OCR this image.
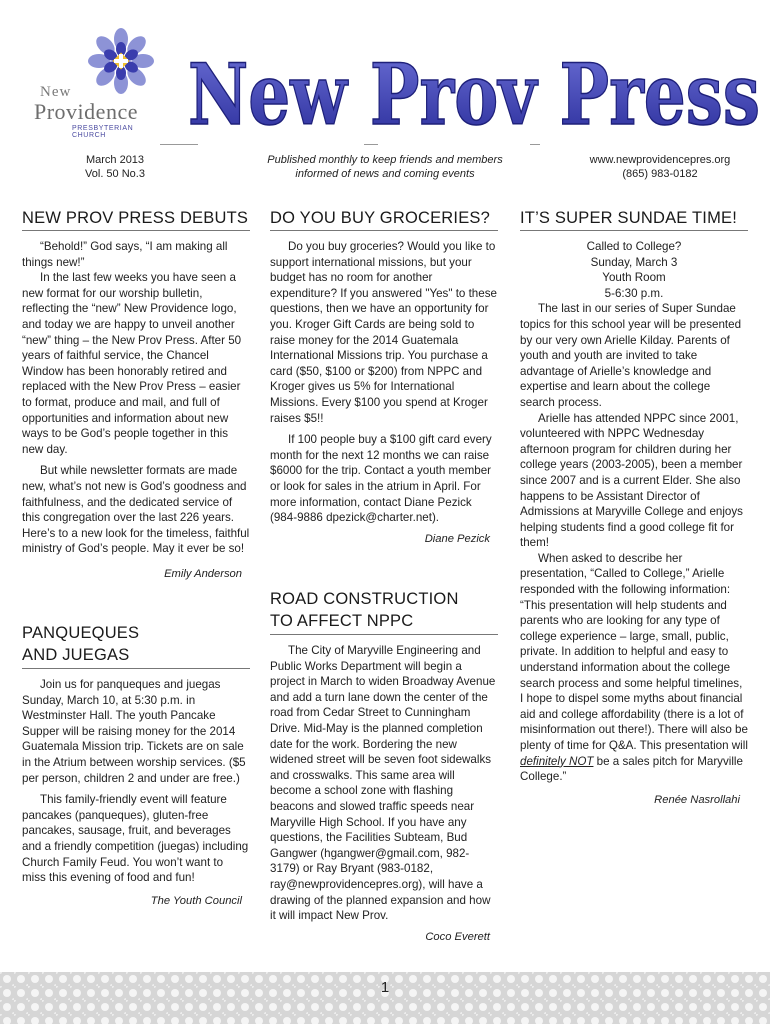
New
Providence
PRESBYTERIAN CHURCH New Prov Press
March 2013
Vol. 50 No.3
Published monthly to keep friends and members
informed of news and coming events
www.newprovidencepres.org
(865) 983-0182
NEW PROV PRESS DEBUTS

“Behold!” God says, “I am making all things new!”

In the last few weeks you have seen a new format for our worship bulletin, reflecting the “new” New Providence logo, and today we are happy to unveil another “new” thing – the New Prov Press. After 50 years of faithful service, the Chancel Window has been honorably retired and replaced with the New Prov Press – easier to format, produce and mail, and full of opportunities and information about new ways to be God’s people together in this new day.

But while newsletter formats are made new, what’s not new is God’s goodness and faithfulness, and the dedicated service of this congregation over the last 226 years. Here’s to a new look for the timeless, faithful ministry of God’s people. May it ever be so!

Emily Anderson
PANQUEQUES
AND JUEGAS

Join us for panqueques and juegas Sunday, March 10, at 5:30 p.m. in Westminster Hall. The youth Pancake Supper will be raising money for the 2014 Guatemala Mission trip. Tickets are on sale in the Atrium between worship services. ($5 per person, children 2 and under are free.)

This family-friendly event will feature pancakes (panqueques), gluten-free pancakes, sausage, fruit, and beverages and a friendly competition (juegas) including Church Family Feud. You won’t want to miss this evening of food and fun!

The Youth Council
DO YOU BUY GROCERIES?

Do you buy groceries? Would you like to support international missions, but your budget has no room for another expenditure? If you answered "Yes" to these questions, then we have an opportunity for you. Kroger Gift Cards are being sold to raise money for the 2014 Guatemala International Missions trip. You purchase a card ($50, $100 or $200) from NPPC and Kroger gives us 5% for International Missions. Every $100 you spend at Kroger raises $5!!

If 100 people buy a $100 gift card every month for the next 12 months we can raise $6000 for the trip. Contact a youth member or look for sales in the atrium in April. For more information, contact Diane Pezick (984-9886 dpezick@charter.net).

Diane Pezick
ROAD CONSTRUCTION
TO AFFECT NPPC

The City of Maryville Engineering and Public Works Department will begin a project in March to widen Broadway Avenue and add a turn lane down the center of the road from Cedar Street to Cunningham Drive. Mid-May is the planned completion date for the work. Bordering the new widened street will be seven foot sidewalks and crosswalks. This same area will become a school zone with flashing beacons and slowed traffic speeds near Maryville High School. If you have any questions, the Facilities Subteam, Bud Gangwer (hgangwer@gmail.com, 982-3179) or Ray Bryant (983-0182, ray@newprovidencepres.org), will have a drawing of the planned expansion and how it will impact New Prov.

Coco Everett
IT’S SUPER SUNDAE TIME!

Called to College?

Sunday, March 3

Youth Room

5-6:30 p.m.

The last in our series of Super Sundae topics for this school year will be presented by our very own Arielle Kilday. Parents of youth and youth are invited to take advantage of Arielle’s knowledge and expertise and learn about the college search process.

Arielle has attended NPPC since 2001, volunteered with NPPC Wednesday afternoon program for children during her college years (2003-2005), been a member since 2007 and is a current Elder. She also happens to be Assistant Director of Admissions at Maryville College and enjoys helping students find a good college fit for them!

When asked to describe her presentation, “Called to College,” Arielle responded with the following information: “This presentation will help students and parents who are looking for any type of college experience – large, small, public, private. In addition to helpful and easy to understand information about the college search process and some helpful timelines, I hope to dispel some myths about financial aid and college affordability (there is a lot of misinformation out there!). There will also be plenty of time for Q&A. This presentation will definitely NOT be a sales pitch for Maryville College.”

Renée Nasrollahi
1
